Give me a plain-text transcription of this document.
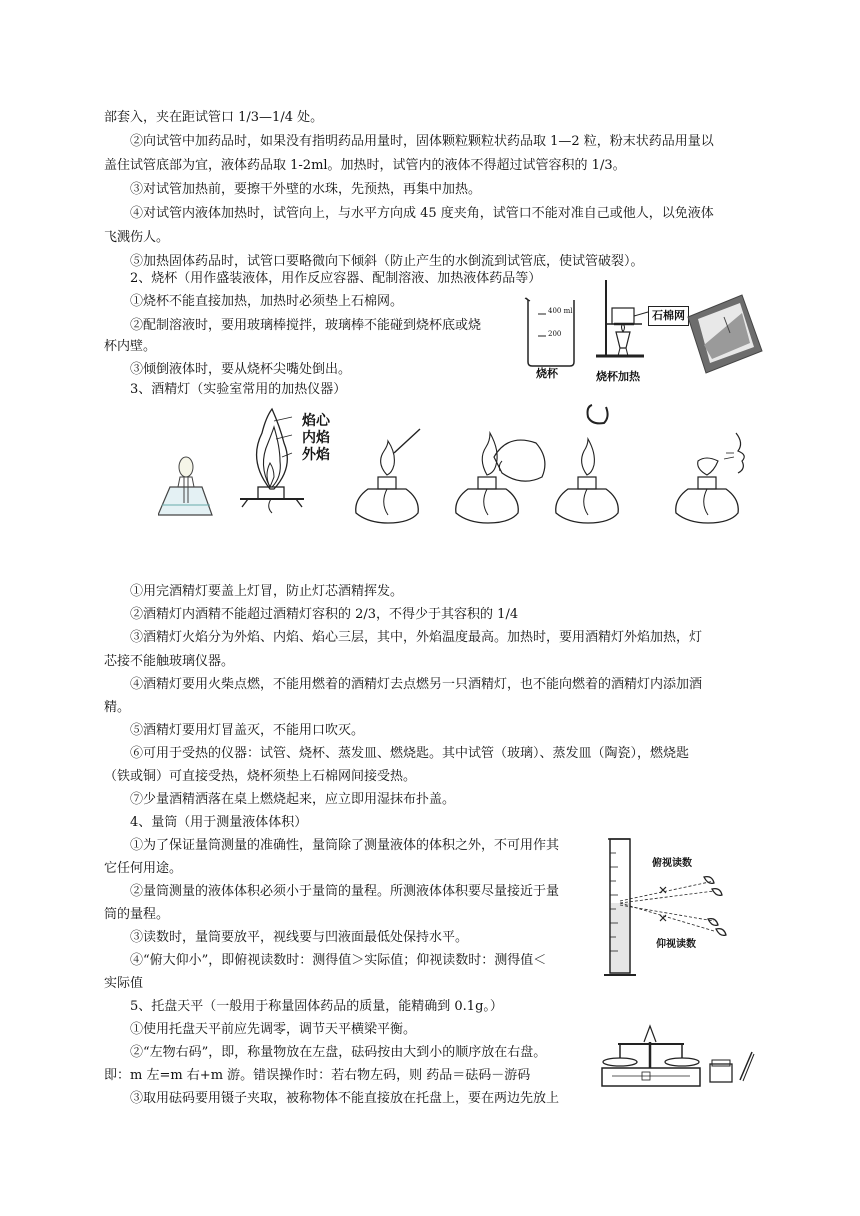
部套入，夹在距试管口 1/3—1/4 处。
②向试管中加药品时，如果没有指明药品用量时，固体颗粒颗粒状药品取 1—2 粒，粉末状药品用量以
盖住试管底部为宜，液体药品取 1-2ml。加热时，试管内的液体不得超过试管容积的 1/3。
③对试管加热前，要擦干外壁的水珠，先预热，再集中加热。
④对试管内液体加热时，试管向上，与水平方向成 45 度夹角，试管口不能对准自己或他人，以免液体
飞溅伤人。
⑤加热固体药品时，试管口要略微向下倾斜（防止产生的水倒流到试管底，使试管破裂）。
2、烧杯（用作盛装液体，用作反应容器、配制溶液、加热液体药品等）
①烧杯不能直接加热，加热时必须垫上石棉网。
②配制溶液时，要用玻璃棒搅拌，玻璃棒不能碰到烧杯底或烧
杯内壁。
③倾倒液体时，要从烧杯尖嘴处倒出。
3、酒精灯（实验室常用的加热仪器）
①用完酒精灯要盖上灯冒，防止灯芯酒精挥发。
②酒精灯内酒精不能超过酒精灯容积的 2/3，不得少于其容积的 1/4
③酒精灯火焰分为外焰、内焰、焰心三层，其中，外焰温度最高。加热时，要用酒精灯外焰加热，灯
芯接不能触玻璃仪器。
④酒精灯要用火柴点燃，不能用燃着的酒精灯去点燃另一只酒精灯，也不能向燃着的酒精灯内添加酒
精。
⑤酒精灯要用灯冒盖灭，不能用口吹灭。
⑥可用于受热的仪器：试管、烧杯、蒸发皿、燃烧匙。其中试管（玻璃）、蒸发皿（陶瓷），燃烧匙
（铁或铜）可直接受热，烧杯须垫上石棉网间接受热。
⑦少量酒精洒落在桌上燃烧起来，应立即用湿抹布扑盖。
4、量筒（用于测量液体体积）
①为了保证量筒测量的准确性，量筒除了测量液体的体积之外，不可用作其
它任何用途。
②量筒测量的液体体积必须小于量筒的量程。所测液体体积要尽量接近于量
筒的量程。
③读数时，量筒要放平，视线要与凹液面最低处保持水平。
④“俯大仰小”，即俯视读数时：测得值＞实际值；仰视读数时：测得值＜
实际值
5、托盘天平（一般用于称量固体药品的质量，能精确到 0.1g。）
①使用托盘天平前应先调零，调节天平横梁平衡。
②“左物右码”，即，称量物放在左盘，砝码按由大到小的顺序放在右盘。
即：m 左=m 右+m 游。错误操作时：若右物左码，则 药品＝砝码－游码
③取用砝码要用镊子夹取，被称物体不能直接放在托盘上，要在两边先放上
400 ml
200
烧杯
石棉网
烧杯加热
焰心
内焰
外焰
俯视读数
仰视读数
